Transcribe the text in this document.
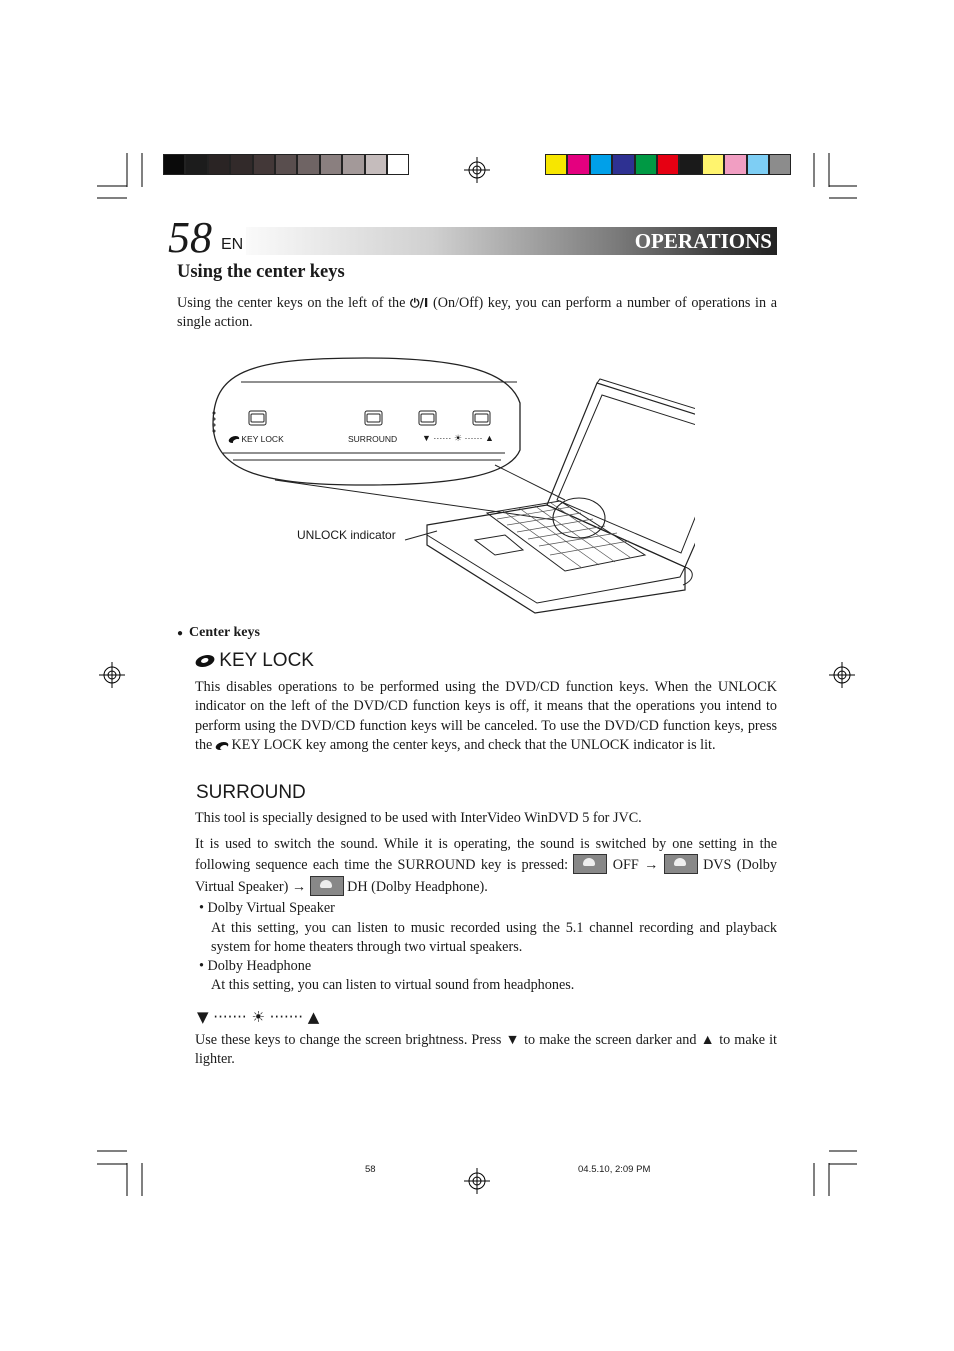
58 EN	OPERATIONS
Using the center keys
Using the center keys on the left of the ⏻/I (On/Off) key, you can perform a number of operations in a single action.
KEY LOCK	SURROUND	▼ ······ ☀ ······ ▲
UNLOCK indicator
● Center keys
KEY LOCK
This disables operations to be performed using the DVD/CD function keys. When the UNLOCK indicator on the left of the DVD/CD function keys is off, it means that the operations you intend to perform using the DVD/CD function keys will be canceled. To use the DVD/CD function keys, press the KEY LOCK key among the center keys, and check that the UNLOCK indicator is lit.
SURROUND
This tool is specially designed to be used with InterVideo WinDVD 5 for JVC.
It is used to switch the sound. While it is operating, the sound is switched by one setting in the following sequence each time the SURROUND key is pressed:	OFF →	DVS (Dolby Virtual Speaker) →	DH (Dolby Headphone).
• Dolby Virtual Speaker
At this setting, you can listen to music recorded using the 5.1 channel recording and playback system for home theaters through two virtual speakers.
• Dolby Headphone
At this setting, you can listen to virtual sound from headphones.
▼ ······· ☀ ······· ▲
Use these keys to change the screen brightness. Press ▼ to make the screen darker and ▲ to make it lighter.
58	04.5.10, 2:09 PM
